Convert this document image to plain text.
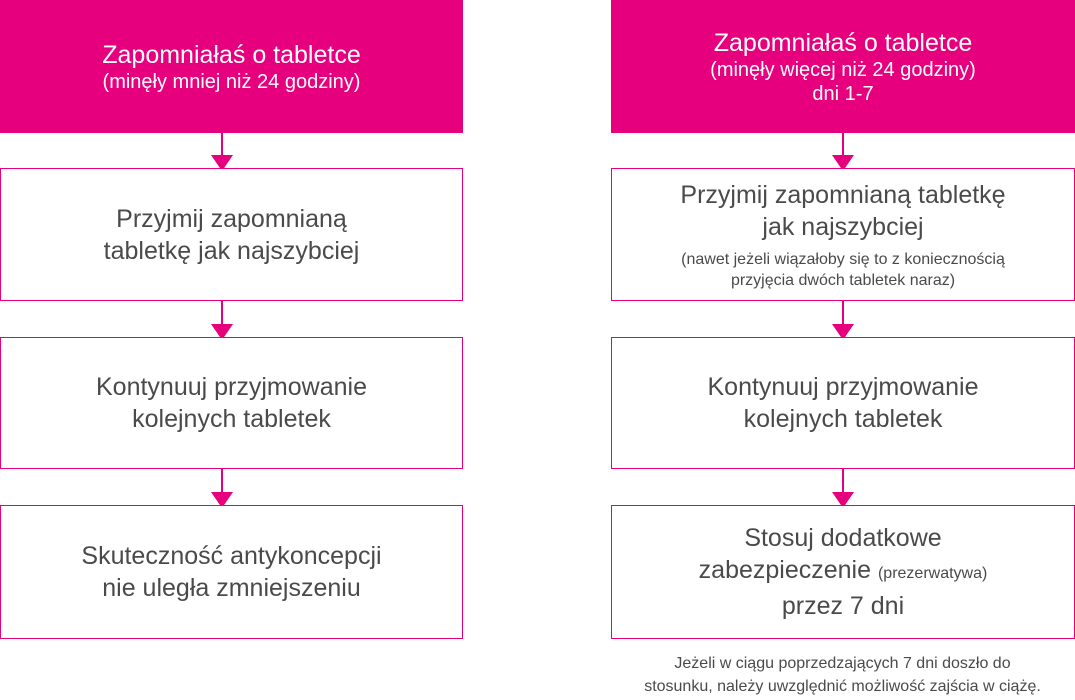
Zapomniałaś o tabletce
(minęły mniej niż 24 godziny)
Przyjmij zapomnianą
tabletkę jak najszybciej
Kontynuuj przyjmowanie
kolejnych tabletek
Skuteczność antykoncepcji
nie uległa zmniejszeniu
Zapomniałaś o tabletce
(minęły więcej niż 24 godziny)
dni 1-7
Przyjmij zapomnianą tabletkę
jak najszybciej
(nawet jeżeli wiązałoby się to z koniecznością
przyjęcia dwóch tabletek naraz)
Kontynuuj przyjmowanie
kolejnych tabletek
Stosuj dodatkowe
zabezpieczenie (prezerwatywa)
przez 7 dni
Jeżeli w ciągu poprzedzających 7 dni doszło do
stosunku, należy uwzględnić możliwość zajścia w ciążę.
